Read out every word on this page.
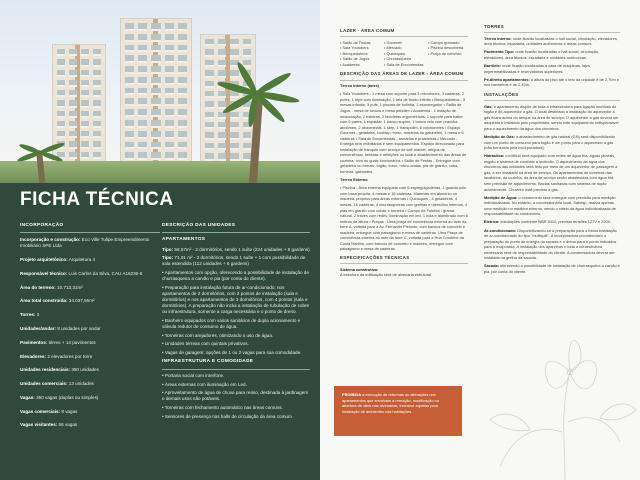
FICHA TÉCNICA
INCORPORAÇÃO

Incorporação e construção: Eco Ville Tulipe Empreendimento Imobiliário SPE Ltda

Projeto arquitetônico: Arquitetura 4

Responsável técnico: Luis Carlos da Silva, CAU A16236-6

Área do terreno: 10.713,31m²

Área total construída: 34.037,55m²

Torres: 3

Unidades/andar: 8 unidades por andar

Pavimentos: térreo + 14 pavimentos

Elevadores: 2 elevadores por torre

Unidades residenciais: 350 unidades

Unidades comerciais: 13 unidades

Vagas: 350 vagas (duplas ou simples)

Vagas comerciais: 8 vagas

Vagas visitantes: 56 vagas

DESCRIÇÃO DAS UNIDADES
APARTAMENTOS

Tipo: 56,57m² - 2 dormitórios, sendo 1 suíte (224 unidades + 8 gardens)

Tipo: 71,01 m² - 3 dormitórios, sendo 1 suíte + 1 com possibilidade de sala estendida (112 unidades + 6 gardens)

• Apartamentos com opção, oferecendo a possibilidade de instalação de churrasqueira a carvão e pia (por conta do cliente).

• Preparação para instalação futura de ar-condicionado: nos apartamentos de 2 dormitórios, com 3 pontos de instalação (sala e dormitórios) e nos apartamentos de 3 dormitórios, com 4 pontos (sala e dormitórios). A preparação não inclui a instalação de tubulação de cobre ou infraestrutura, somente a carga necessária e o ponto de dreno.

• Banheiro equipados com vasos sanitários de dupla acionamento e válvula redutor de consumo de água.

• Torneiras com arejadores, otimizando o uso de água.

• Unidades térreas com quintais privativos.

• Vagas de garagem: opções de 1 ou 2 vagas para sua comodidade.

INFRAESTRUTURA E COMODIDADE

• Portaria social com interfone.

• Áreas externas com iluminação em Led.

• Aproveitamento de água de chuva para reúso, destinada à jardinagem e demais usos não potáveis.

• Torneiras com fechamento automático nas áreas comuns.

• Sensores de presença nos halls de circulação da área comum.

LAZER - ÁREA COMUM
• Salão de Festas	• Gourmet	• Campo gramado
• Sala Youtubers	• Mercado	• Piscina descoberta
• Brinquedoteca	• Quiosques	• Praça de convívio
• Salão de Jogos	• Churrasqueira
• Academia	• Sala de Encomendas
DESCRIÇÃO DAS ÁREAS DE LAZER - ÁREA COMUM

Térreo Interno (torre)

• Sala Youtubers - 1 mesa com suporte para 3 microfones, 3 cadeiras, 2 pufes, 1 tripé com iluminação, 1 tela de fundo infinito • Brinquedoteca - 3 mesas infantis, 3 pufs, 1 piscina de bolinha, 1 escorregador • Salão de Jogos - mesa de sinuca e mesa pebolim • Academia - 1 estação de musculação, 2 esteiras, 2 bicicletas ergométricas, 1 suporte para halter com 9 pares, 1 espaldar, 1 banco supino, 1 banco reto com prancha abdômen, 2 abdominais, 1 step, 1 transpolim, 6 colchonetes • Espaço Gourmet - geladeira, cooktop, forno, armários ou gabinetes, 1 mesa e 6 cadeiras • Sala de Encomendas - armários e prateleiras • Mercado - Entrega sem mobiliários e sem equipamentos. Espaço direcionado para instalação de franquia com serviço de self-market, artigos de conveniência, bebidas e refeições no local e abastecimento das áreas de cozinha, com os quais funcionários • Salão de Festas - Entregue com geladeira ou freezer, fogão, forno, micro-ondas, pia de granito, cuba, torneira, gabinetes.

Térreo Externo

• Piscina - Área externa equipada com 6 espreguiçadeiras, 1 guarda-sóis com base própria, 4 mesas e 16 cadeiras. Materiais em alumínio ou madeira, próprios para áreas externas • Quiosques - 4 geladeiras, 4 mesas, 16 cadeiras, 4 churrasqueiras com grelhas e utensílios internos, 4 pias em granito com cubas e torneira • Campo de Futebol - grama natural, 2 traves com redes, iluminação em led, 1 bola e alambrado com 6 metros de altura • Praças - Uma praça de convivência externa ao lado da torre A, voltada para a Av. Fernando Pisfonte, com bancos de concreto e madeira, entregue com paisagismo e mesa de cadeiras. Uma Praça de convivência externa ao lado da torre C, voltada para a Rua Coudrine da Costa Martins, com bancos de concreto e madeira, entregue com paisagismo e mesa de cadeiras.

ESPECIFICAÇÕES TÉCNICAS

Sistema construtivo:
A estrutura da edificação será de alvenaria estrutural.

PROIBIDA a execução de reformas ou alterações nos apartamentos que envolvam a remoção, modificação ou abertura de vãos nas alvenarias, inclusive aquelas para instalação de ambientes nas habitações.
TORRES

Térreo Interno: onde ficarão localizadas o hall social, circulação, elevadores, área técnica, escadaria, unidades autônomas e áreas comuns.

Pavimento Tipo: onde ficarão localizadas o hall social, circulação, elevadores, área técnica, escadaria e unidades autônomas.

Barrilete: onde ficarão localizadas a casa de máquinas, lajes impermeabilizadas e reservatórios superiores.

Pé-direito apartamentos: a altura do piso até o teto da unidade é de 2,70m e nos banheiros é de 2,40m.

INSTALAÇÕES

Gás: o apartamento dispõe de toda a infraestrutura para ligação imediata do fogão e do aquecedor a gás. O local destinado à instalação do aquecedor a gás ficará acima do tanque na área de serviço. O aquecedor a gás deverá ser adquirido e instalado pelo proprietário, sendo este equipamento indispensável para o aquecimento da água dos chuveiros.

Medição de Gás: o abastecimento de gás natural (GN) será disponibilizado com um ponto de consumo para fogão e um ponto para o aquecedor a gás (não fornecido pela incorporadora).

Hidráulica: o edifício será equipado com redes de água fria, águas pluviais, esgoto e sistema de combate a incêndio. O aquecimento da água dos chuveiros das unidades será feito por meio de um aquecedor de passagem a gás, a ser instalado na área de serviço. Os apartamentos de torneiras das lavatórios, da cozinha, da área de serviço serão abastecidas com água fria, sem previsão de aquecimento. Bacias sanitárias com sistema de duplo acionamento. Chuveiro está previsto a gás.

Medição de Água: o condomínio será entregue com previsão para medição individualizada. No entanto, a concessionária local, Sabesp, realiza apenas uma medição no medidor externo, sendo o rateio da água individualizada de responsabilidade do condomínio.

Elétrica: instalações conforme NBR 5410, previsto tensões 127V e 220V.

Ar-condicionado: Disponibilizando-se à preparação para o futuro instalação de ar-condicionado do tipo "multisplit". A incorporadora providenciará a preparação do ponto de energia da sacada e o dreno para o ponto indicados para a evaporada. A instalação dos aparelhos e toda a infraestrutura necessária será de responsabilidade do cliente. A condensadora deverá ser instalada na grelha da sacada.

Sacada: oferecendo a possibilidade de instalação de churrasqueira a carvão e pia, por conta do cliente.
